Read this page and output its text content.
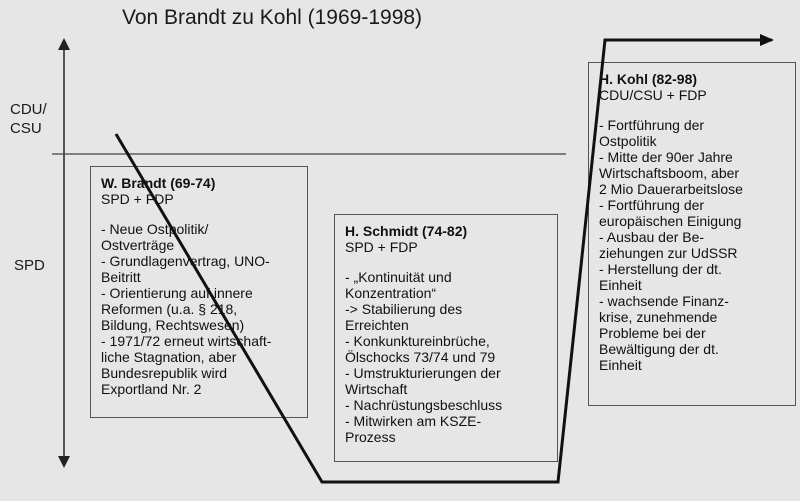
Von Brandt zu Kohl (1969-1998)
CDU/
CSU
SPD
W. Brandt (69-74)
SPD + FDP
- Neue Ostpolitik/
Ostverträge
- Grundlagenvertrag, UNO-
Beitritt
- Orientierung auf innere
Reformen (u.a. § 218,
Bildung, Rechtswesen)
- 1971/72 erneut wirtschaft-
liche Stagnation, aber
Bundesrepublik wird
Exportland Nr. 2
H. Schmidt (74-82)
SPD + FDP
- „Kontinuität und
Konzentration“
-> Stabilierung des
Erreichten
- Konkunktureinbrüche,
Ölschocks 73/74 und 79
- Umstrukturierungen der
Wirtschaft
- Nachrüstungsbeschluss
- Mitwirken am KSZE-
Prozess
H. Kohl (82-98)
CDU/CSU + FDP
- Fortführung der
Ostpolitik
- Mitte der 90er Jahre
Wirtschaftsboom, aber
2 Mio Dauerarbeitslose
- Fortführung der
europäischen Einigung
- Ausbau der Be-
ziehungen zur UdSSR
- Herstellung der dt.
Einheit
- wachsende Finanz-
krise, zunehmende
Probleme bei der
Bewältigung der dt.
Einheit
